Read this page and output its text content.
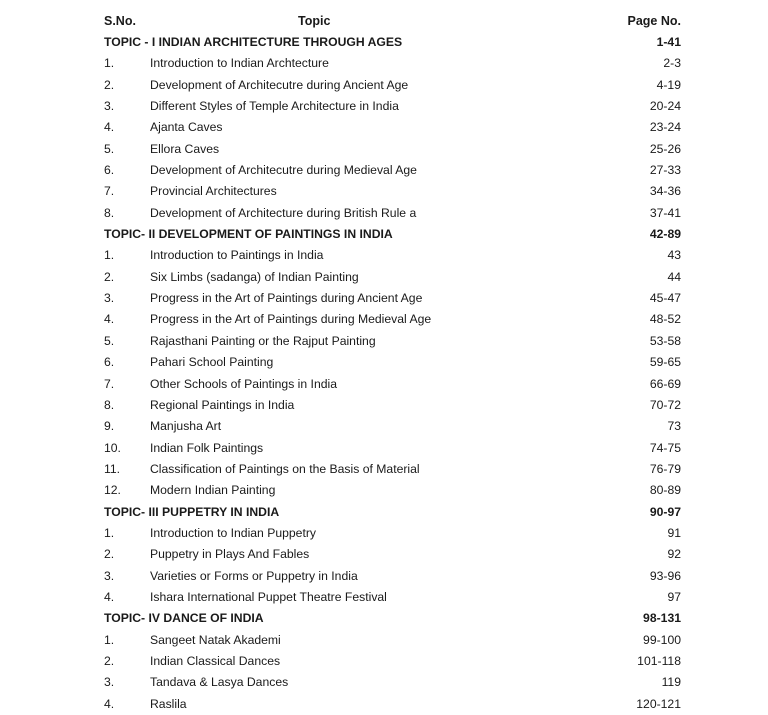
S.No.	Topic	Page No.
TOPIC - I INDIAN ARCHITECTURE THROUGH AGES	1-41
1.	Introduction to Indian Archtecture	2-3
2.	Development of Architecutre during Ancient Age	4-19
3.	Different Styles of Temple Architecture in India	20-24
4.	Ajanta Caves	23-24
5.	Ellora Caves	25-26
6.	Development of Architecutre during Medieval Age	27-33
7.	Provincial Architectures	34-36
8.	Development of Architecture during British Rule a	37-41
TOPIC- II DEVELOPMENT OF PAINTINGS IN INDIA	42-89
1.	Introduction to Paintings in India	43
2.	Six Limbs (sadanga) of Indian Painting	44
3.	Progress in the Art of Paintings during Ancient Age	45-47
4.	Progress in the Art of Paintings during Medieval Age	48-52
5.	Rajasthani Painting or the Rajput Painting	53-58
6.	Pahari School Painting	59-65
7.	Other Schools of Paintings in India	66-69
8.	Regional Paintings in India	70-72
9.	Manjusha Art	73
10. Indian Folk Paintings	74-75
11. Classification of Paintings on the Basis of Material	76-79
12. Modern Indian Painting	80-89
TOPIC- III PUPPETRY IN INDIA	90-97
1.	Introduction to Indian Puppetry	91
2.	Puppetry in Plays And Fables	92
3.	Varieties or Forms or Puppetry in India	93-96
4.	Ishara International Puppet Theatre Festival	97
TOPIC- IV DANCE OF INDIA	98-131
1.	Sangeet Natak Akademi	99-100
2.	Indian Classical Dances	101-118
3.	Tandava & Lasya Dances	119
4.	Raslila	120-121
